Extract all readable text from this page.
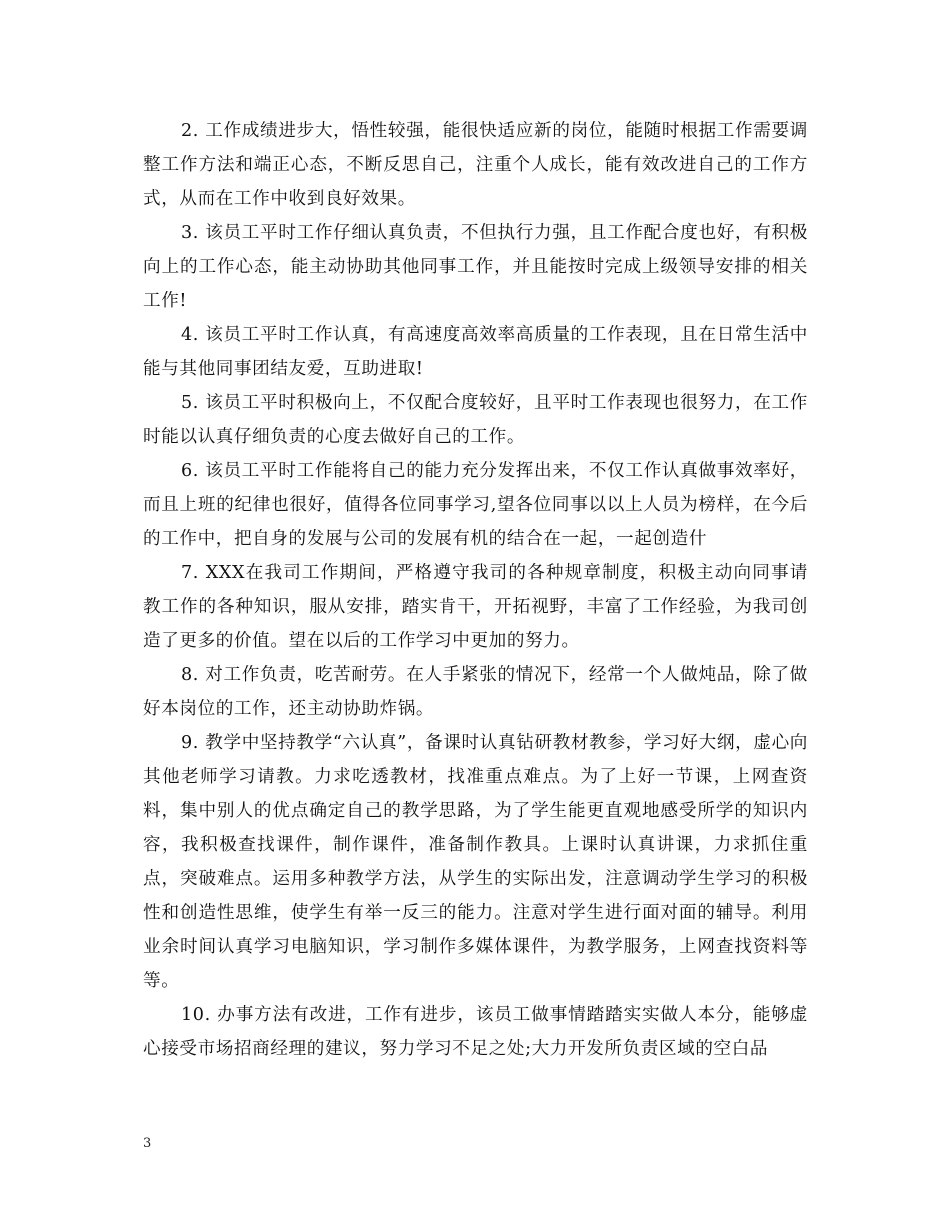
2. 工作成绩进步大，悟性较强，能很快适应新的岗位，能随时根据工作需要调整工作方法和端正心态，不断反思自己，注重个人成长，能有效改进自己的工作方式，从而在工作中收到良好效果。

3. 该员工平时工作仔细认真负责，不但执行力强，且工作配合度也好，有积极向上的工作心态，能主动协助其他同事工作，并且能按时完成上级领导安排的相关工作!

4. 该员工平时工作认真，有高速度高效率高质量的工作表现，且在日常生活中能与其他同事团结友爱，互助进取!

5. 该员工平时积极向上，不仅配合度较好，且平时工作表现也很努力，在工作时能以认真仔细负责的心度去做好自己的工作。

6. 该员工平时工作能将自己的能力充分发挥出来，不仅工作认真做事效率好，而且上班的纪律也很好，值得各位同事学习,望各位同事以以上人员为榜样，在今后的工作中，把自身的发展与公司的发展有机的结合在一起，一起创造什

7. XXX在我司工作期间，严格遵守我司的各种规章制度，积极主动向同事请教工作的各种知识，服从安排，踏实肯干，开拓视野，丰富了工作经验，为我司创造了更多的价值。望在以后的工作学习中更加的努力。

8. 对工作负责，吃苦耐劳。在人手紧张的情况下，经常一个人做炖品，除了做好本岗位的工作，还主动协助炸锅。

9. 教学中坚持教学“六认真”，备课时认真钻研教材教参，学习好大纲，虚心向其他老师学习请教。力求吃透教材，找准重点难点。为了上好一节课，上网查资料，集中别人的优点确定自己的教学思路，为了学生能更直观地感受所学的知识内容，我积极查找课件，制作课件，准备制作教具。上课时认真讲课，力求抓住重点，突破难点。运用多种教学方法，从学生的实际出发，注意调动学生学习的积极性和创造性思维，使学生有举一反三的能力。注意对学生进行面对面的辅导。利用业余时间认真学习电脑知识，学习制作多媒体课件，为教学服务，上网查找资料等等。

10. 办事方法有改进，工作有进步，该员工做事情踏踏实实做人本分，能够虚心接受市场招商经理的建议，努力学习不足之处;大力开发所负责区域的空白品

3
